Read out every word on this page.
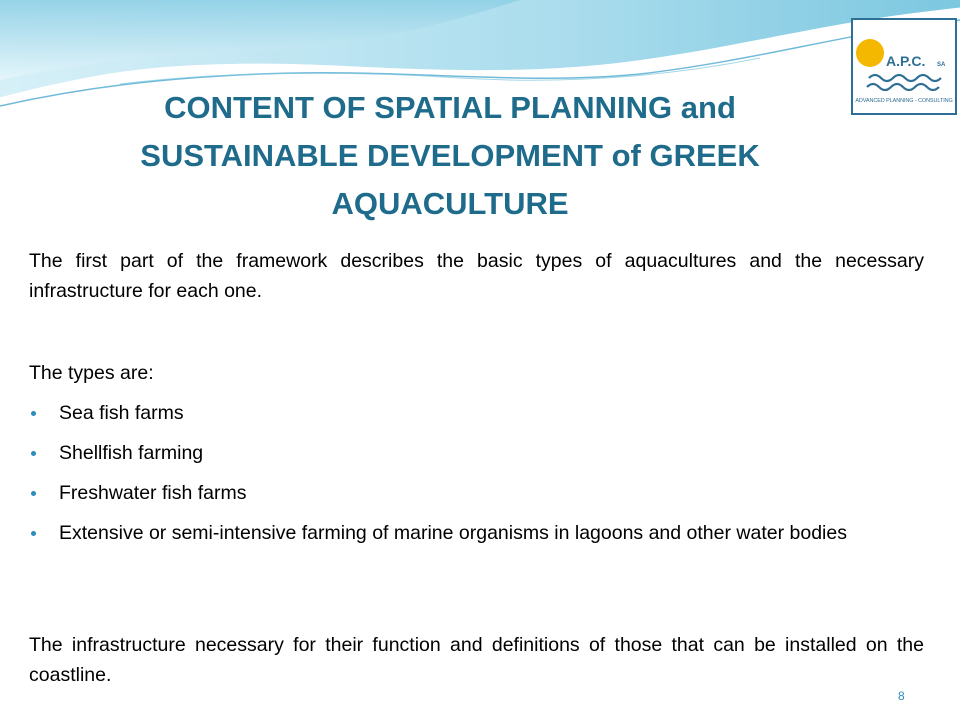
A.P.C. SA
ADVANCED PLANNING - CONSULTING
CONTENT OF SPATIAL PLANNING and SUSTAINABLE DEVELOPMENT of GREEK AQUACULTURE

The first part of the framework describes the basic types of aquacultures and the necessary infrastructure for each one.

The types are:

Sea fish farms
Shellfish farming
Freshwater fish farms
Extensive or semi-intensive farming of marine organisms in lagoons and other water bodies

The infrastructure necessary for their function and definitions of those that can be installed on the coastline.

8
